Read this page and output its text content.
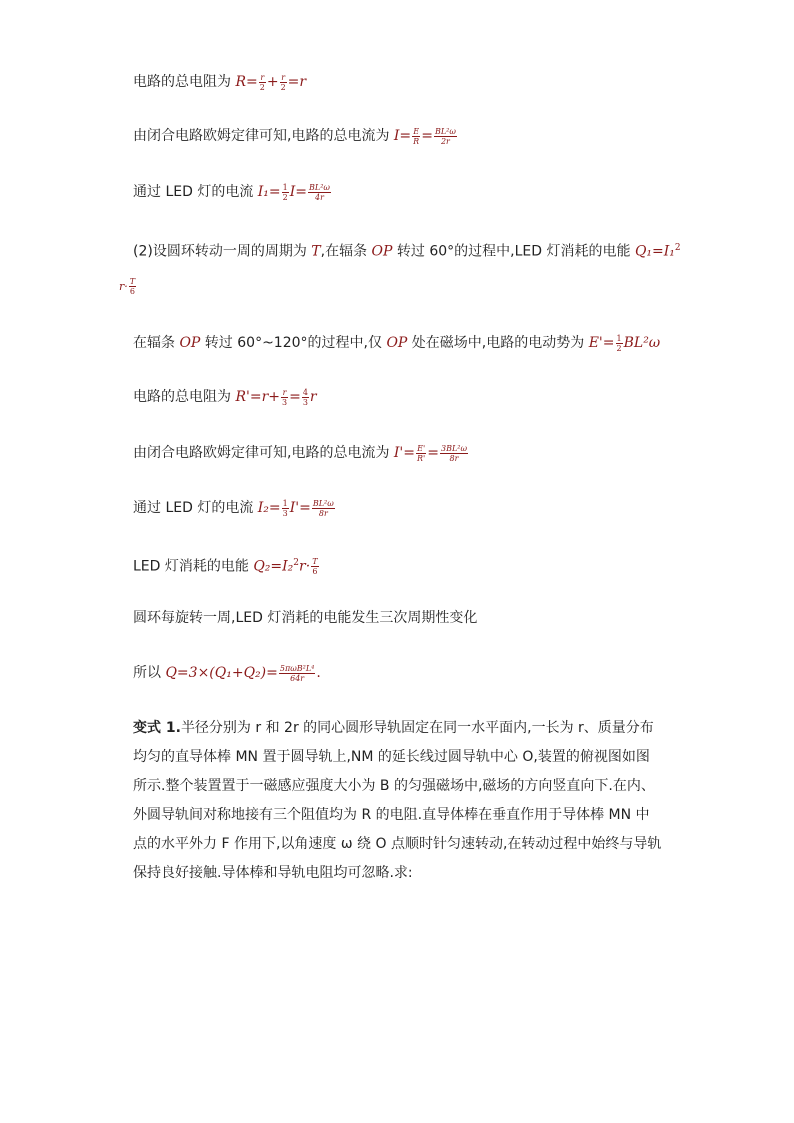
电路的总电阻为 $R= \frac{r}{2} + \frac{r}{2} =r$
由闭合电路欧姆定律可知,电路的总电流为 $I= \frac{E}{R} = \frac{\text{BL²ω}}{2r}$
通过 LED 灯的电流 $I_1= \frac{1}{2} I= \frac{\text{BL²ω}}{4r}$
(2)设圆环转动一周的周期为 T,在辐条 OP 转过 60°的过程中,LED 灯消耗的电能 Q₁=I₁$^2$
$r\cdot \frac{T}{6}$
在辐条 OP 转过 60°~120°的过程中,仅 OP 处在磁场中,电路的电动势为 $E'= \frac{1}{2} BL^2\omega$
电路的总电阻为 $R'=r+ \frac{r}{3} = \frac{4}{3}$ r
由闭合电路欧姆定律可知,电路的总电流为 $I'= \frac{E'}{R'} = \frac{\text{3BL²ω}}{8r}$
通过 LED 灯的电流 $I_2= \frac{1}{3} I'= \frac{\text{BL²ω}}{8r}$
LED 灯消耗的电能 $Q_2=I_2^2r\cdot \frac{T}{6}$
圆环每旋转一周,LED 灯消耗的电能发生三次周期性变化
所以 $Q=3\times(Q_1+Q_2)= \frac{\text{5πωB²L⁴}}{64r}$ .
变式 1.半径分别为 r 和 2r 的同心圆形导轨固定在同一水平面内,一长为 r、质量分布均匀的直导体棒 MN 置于圆导轨上,NM 的延长线过圆导轨中心 O,装置的俯视图如图所示.整个装置置于一磁感应强度大小为 B 的匀强磁场中,磁场的方向竖直向下.在内、外圆导轨间对称地接有三个阻值均为 R 的电阻.直导体棒在垂直作用于导体棒 MN 中点的水平外力 F 作用下,以角速度 ω 绕 O 点顺时针匀速转动,在转动过程中始终与导轨保持良好接触.导体棒和导轨电阻均可忽略.求:
